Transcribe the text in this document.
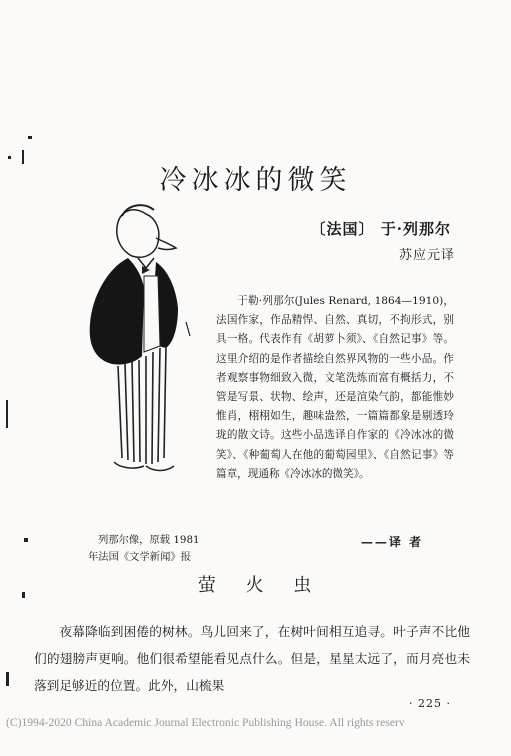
冷冰冰的微笑
〔法国〕 于·列那尔
苏应元译
于勒·列那尔(Jules Renard, 1864—1910)，法国作家，作品精悍、自然、真切，不拘形式，别具一格。代表作有《胡萝卜须》、《自然记事》等。这里介绍的是作者描绘自然界风物的一些小品。作者观察事物细致入微，文笔洗炼而富有概括力，不管是写景、状物、绘声，还是渲染气韵，都能惟妙惟肖，栩栩如生，趣味盎然，一篇篇都象是剔透玲珑的散文诗。这些小品选译自作家的《冷冰冰的微笑》、《种葡萄人在他的葡萄园里》、《自然记事》等篇章，现通称《冷冰冰的微笑》。
——译 者
列那尔像，原载 1981
年法国《文学新闻》报
萤 火 虫
夜幕降临到困倦的树林。鸟儿回来了，在树叶间相互追寻。叶子声不比他们的翅膀声更响。他们很希望能看见点什么。但是，星星太远了，而月亮也未落到足够近的位置。此外，山梳果
· 225 ·
(C)1994-2020 China Academic Journal Electronic Publishing House. All rights reserv
